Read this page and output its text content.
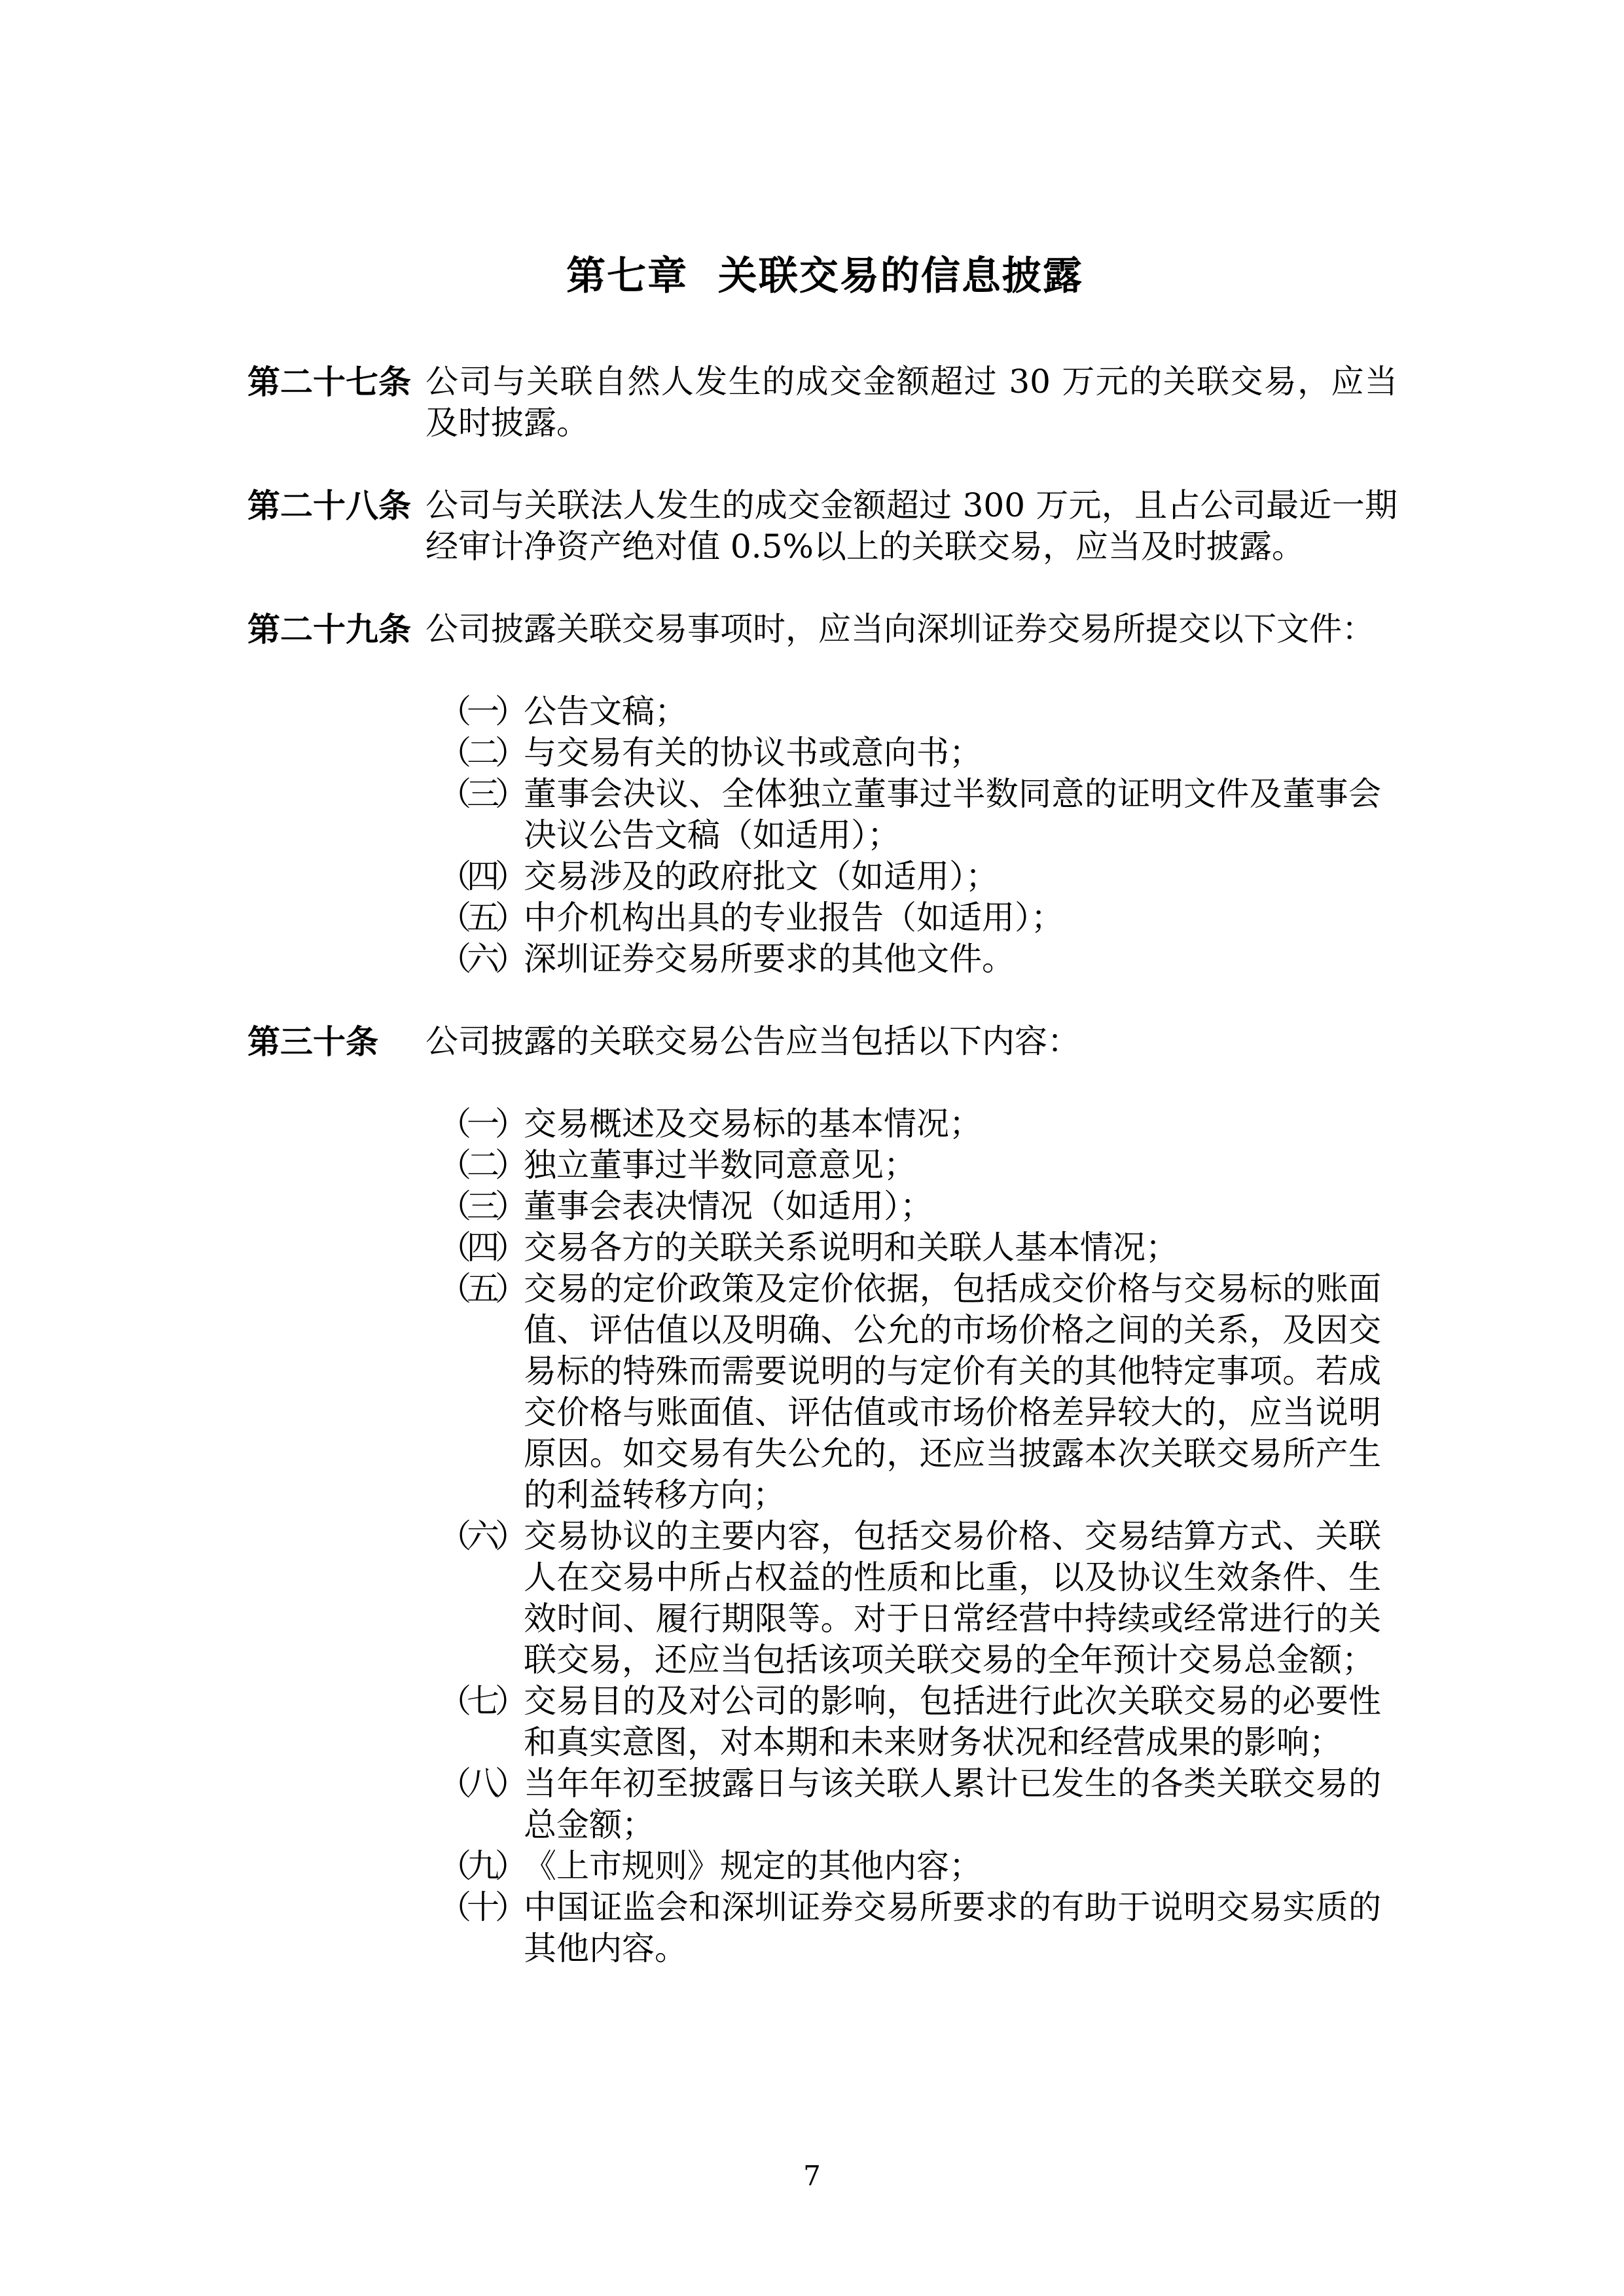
第七章  关联交易的信息披露
第二十七条 公司与关联自然人发生的成交金额超过 30 万元的关联交易，应当及时披露。
第二十八条 公司与关联法人发生的成交金额超过 300 万元，且占公司最近一期经审计净资产绝对值 0.5%以上的关联交易，应当及时披露。
第二十九条 公司披露关联交易事项时，应当向深圳证券交易所提交以下文件：
（一） 公告文稿；
（二） 与交易有关的协议书或意向书；
（三） 董事会决议、全体独立董事过半数同意的证明文件及董事会决议公告文稿（如适用）；
（四） 交易涉及的政府批文（如适用）；
（五） 中介机构出具的专业报告（如适用）；
（六） 深圳证券交易所要求的其他文件。
第三十条 公司披露的关联交易公告应当包括以下内容：
（一） 交易概述及交易标的基本情况；
（二） 独立董事过半数同意意见；
（三） 董事会表决情况（如适用）；
（四） 交易各方的关联关系说明和关联人基本情况；
（五） 交易的定价政策及定价依据，包括成交价格与交易标的账面值、评估值以及明确、公允的市场价格之间的关系，及因交易标的特殊而需要说明的与定价有关的其他特定事项。若成交价格与账面值、评估值或市场价格差异较大的，应当说明原因。如交易有失公允的，还应当披露本次关联交易所产生的利益转移方向；
（六） 交易协议的主要内容，包括交易价格、交易结算方式、关联人在交易中所占权益的性质和比重，以及协议生效条件、生效时间、履行期限等。对于日常经营中持续或经常进行的关联交易，还应当包括该项关联交易的全年预计交易总金额；
（七） 交易目的及对公司的影响，包括进行此次关联交易的必要性和真实意图，对本期和未来财务状况和经营成果的影响；
（八） 当年年初至披露日与该关联人累计已发生的各类关联交易的总金额；
（九） 《上市规则》规定的其他内容；
（十） 中国证监会和深圳证券交易所要求的有助于说明交易实质的其他内容。
7
